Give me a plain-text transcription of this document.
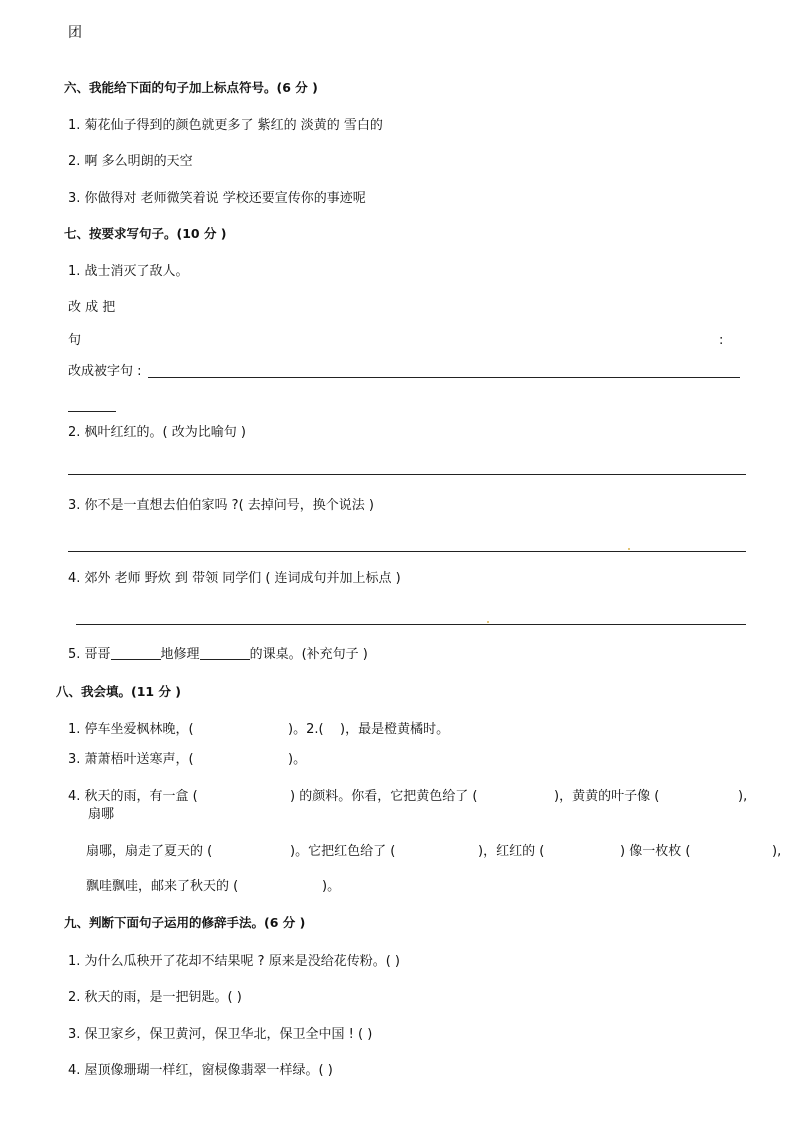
团
六、我能给下面的句子加上标点符号。(6 分 )
1. 菊花仙子得到的颜色就更多了 紫红的 淡黄的 雪白的
2. 啊 多么明朗的天空
3. 你做得对 老师微笑着说 学校还要宣传你的事迹呢
七、按要求写句子。(10 分 )
1. 战士消灭了敌人。
改 成 把
句	:
改成被字句 :
2. 枫叶红红的。( 改为比喻句 )
3. 你不是一直想去伯伯家吗 ?( 去掉问号，换个说法 )
4. 郊外 老师 野炊 到 带领 同学们 ( 连词成句并加上标点 )
5. 哥哥	地修理	的课桌。(补充句子 )
八、我会填。(11 分 )
1. 停车坐爱枫林晚，(	)。2.( )，最是橙黄橘时。
3. 萧萧梧叶送寒声，(	)。
4. 秋天的雨，有一盒 (	) 的颜料。你看，它把黄色给了 (	)，黄黄的叶子像 (	),
扇哪
扇哪，扇走了夏天的 (	)。它把红色给了 (	)，红红的 (	) 像一枚枚 (	),
飘哇飘哇，邮来了秋天的 (	)。
九、判断下面句子运用的修辞手法。(6 分 )
1. 为什么瓜秧开了花却不结果呢 ? 原来是没给花传粉。( )
2. 秋天的雨，是一把钥匙。( )
3. 保卫家乡，保卫黄河，保卫华北，保卫全中国 ! ( )
4. 屋顶像珊瑚一样红，窗棂像翡翠一样绿。( )
